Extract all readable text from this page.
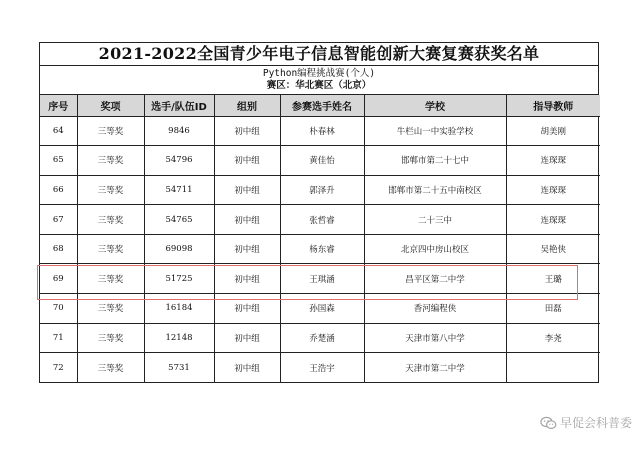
2021-2022全国青少年电子信息智能创新大赛复赛获奖名单
Python编程挑战赛(个人)
赛区：华北赛区（北京）
序号	奖项	选手/队伍ID	组别	参赛选手姓名	学校	指导教师
64	三等奖	9846	初中组	朴春林	牛栏山一中实验学校	胡美刚
65	三等奖	54796	初中组	黄佳怡	邯郸市第二十七中	连琛琛
66	三等奖	54711	初中组	郭泽升	邯郸市第二十五中南校区	连琛琛
67	三等奖	54765	初中组	张哲睿	二十三中	连琛琛
68	三等奖	69098	初中组	杨东睿	北京四中房山校区	吴艳侠
69	三等奖	51725	初中组	王琪涵	昌平区第二中学	王璐
70	三等奖	16184	初中组	孙国森	香河编程侠	田磊
71	三等奖	12148	初中组	乔楚涵	天津市第八中学	李尧
72	三等奖	5731	初中组	王浩宇	天津市第二中学	
早促会科普委
